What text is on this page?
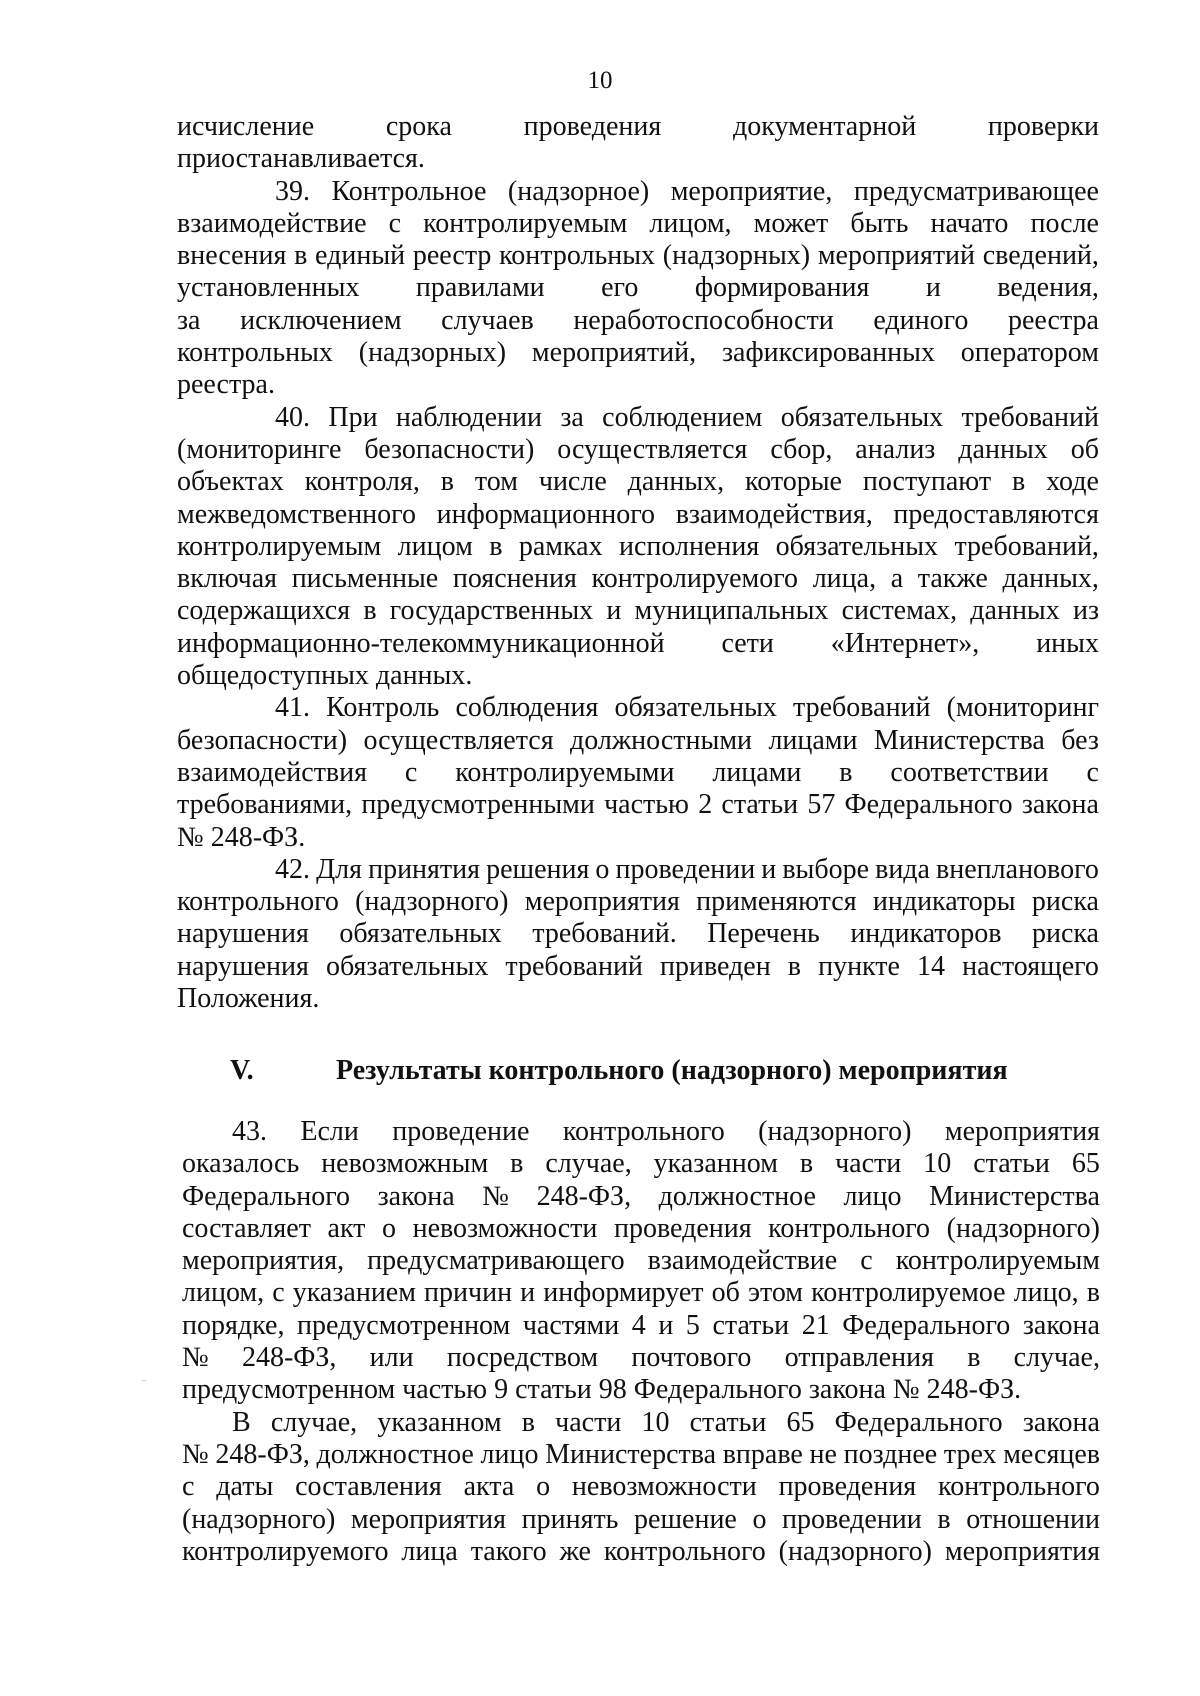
10
исчисление	срока	проведения	документарной	проверки
приостанавливается.
39. Контрольное (надзорное) мероприятие, предусматривающее
взаимодействие с контролируемым лицом, может быть начато после
внесения в единый реестр контрольных (надзорных) мероприятий сведений,
установленных правилами его формирования и ведения,
за исключением случаев неработоспособности единого реестра
контрольных (надзорных) мероприятий, зафиксированных оператором
реестра.
40. При наблюдении за соблюдением обязательных требований
(мониторинге безопасности) осуществляется сбор, анализ данных об
объектах контроля, в том числе данных, которые поступают в ходе
межведомственного информационного взаимодействия, предоставляются
контролируемым лицом в рамках исполнения обязательных требований,
включая письменные пояснения контролируемого лица, а также данных,
содержащихся в государственных и муниципальных системах, данных из
информационно-телекоммуникационной сети «Интернет», иных
общедоступных данных.
41. Контроль соблюдения обязательных требований (мониторинг
безопасности) осуществляется должностными лицами Министерства без
взаимодействия с контролируемыми лицами в соответствии с
требованиями, предусмотренными частью 2 статьи 57 Федерального закона
№ 248-ФЗ.
42. Для принятия решения о проведении и выборе вида внепланового
контрольного (надзорного) мероприятия применяются индикаторы риска
нарушения обязательных требований. Перечень индикаторов риска
нарушения обязательных требований приведен в пункте 14 настоящего
Положения.
V.	Результаты контрольного (надзорного) мероприятия
43. Если проведение контрольного (надзорного) мероприятия
оказалось невозможным в случае, указанном в части 10 статьи 65
Федерального закона № 248-ФЗ, должностное лицо Министерства
составляет акт о невозможности проведения контрольного (надзорного)
мероприятия, предусматривающего взаимодействие с контролируемым
лицом, с указанием причин и информирует об этом контролируемое лицо, в
порядке, предусмотренном частями 4 и 5 статьи 21 Федерального закона
№ 248-ФЗ, или посредством почтового отправления в случае,
предусмотренном частью 9 статьи 98 Федерального закона № 248-ФЗ.
В случае, указанном в части 10 статьи 65 Федерального закона
№ 248-ФЗ, должностное лицо Министерства вправе не позднее трех месяцев
с даты составления акта о невозможности проведения контрольного
(надзорного) мероприятия принять решение о проведении в отношении
контролируемого лица такого же контрольного (надзорного) мероприятия
